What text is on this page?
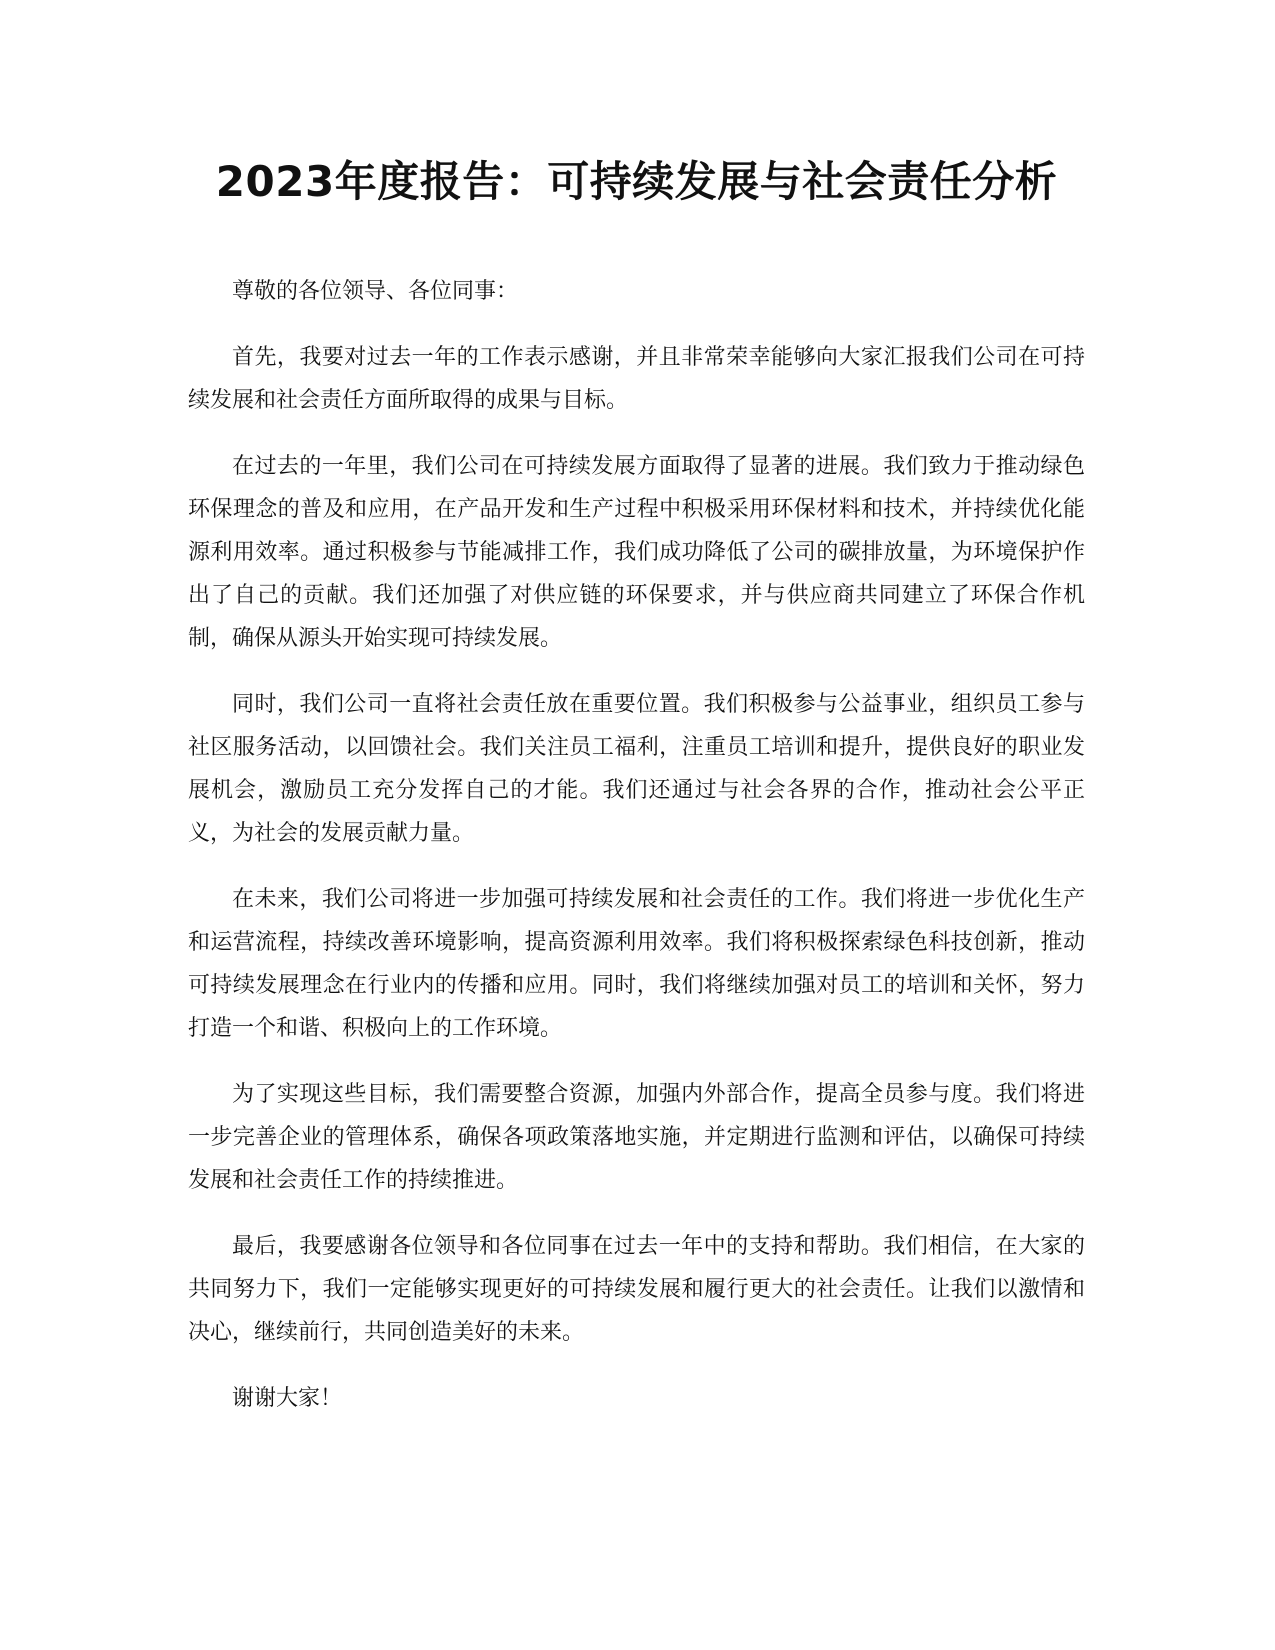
2023年度报告：可持续发展与社会责任分析

尊敬的各位领导、各位同事：

首先，我要对过去一年的工作表示感谢，并且非常荣幸能够向大家汇报我们公司在可持续发展和社会责任方面所取得的成果与目标。

在过去的一年里，我们公司在可持续发展方面取得了显著的进展。我们致力于推动绿色环保理念的普及和应用，在产品开发和生产过程中积极采用环保材料和技术，并持续优化能源利用效率。通过积极参与节能减排工作，我们成功降低了公司的碳排放量，为环境保护作出了自己的贡献。我们还加强了对供应链的环保要求，并与供应商共同建立了环保合作机制，确保从源头开始实现可持续发展。

同时，我们公司一直将社会责任放在重要位置。我们积极参与公益事业，组织员工参与社区服务活动，以回馈社会。我们关注员工福利，注重员工培训和提升，提供良好的职业发展机会，激励员工充分发挥自己的才能。我们还通过与社会各界的合作，推动社会公平正义，为社会的发展贡献力量。

在未来，我们公司将进一步加强可持续发展和社会责任的工作。我们将进一步优化生产和运营流程，持续改善环境影响，提高资源利用效率。我们将积极探索绿色科技创新，推动可持续发展理念在行业内的传播和应用。同时，我们将继续加强对员工的培训和关怀，努力打造一个和谐、积极向上的工作环境。

为了实现这些目标，我们需要整合资源，加强内外部合作，提高全员参与度。我们将进一步完善企业的管理体系，确保各项政策落地实施，并定期进行监测和评估，以确保可持续发展和社会责任工作的持续推进。

最后，我要感谢各位领导和各位同事在过去一年中的支持和帮助。我们相信，在大家的共同努力下，我们一定能够实现更好的可持续发展和履行更大的社会责任。让我们以激情和决心，继续前行，共同创造美好的未来。

谢谢大家！
